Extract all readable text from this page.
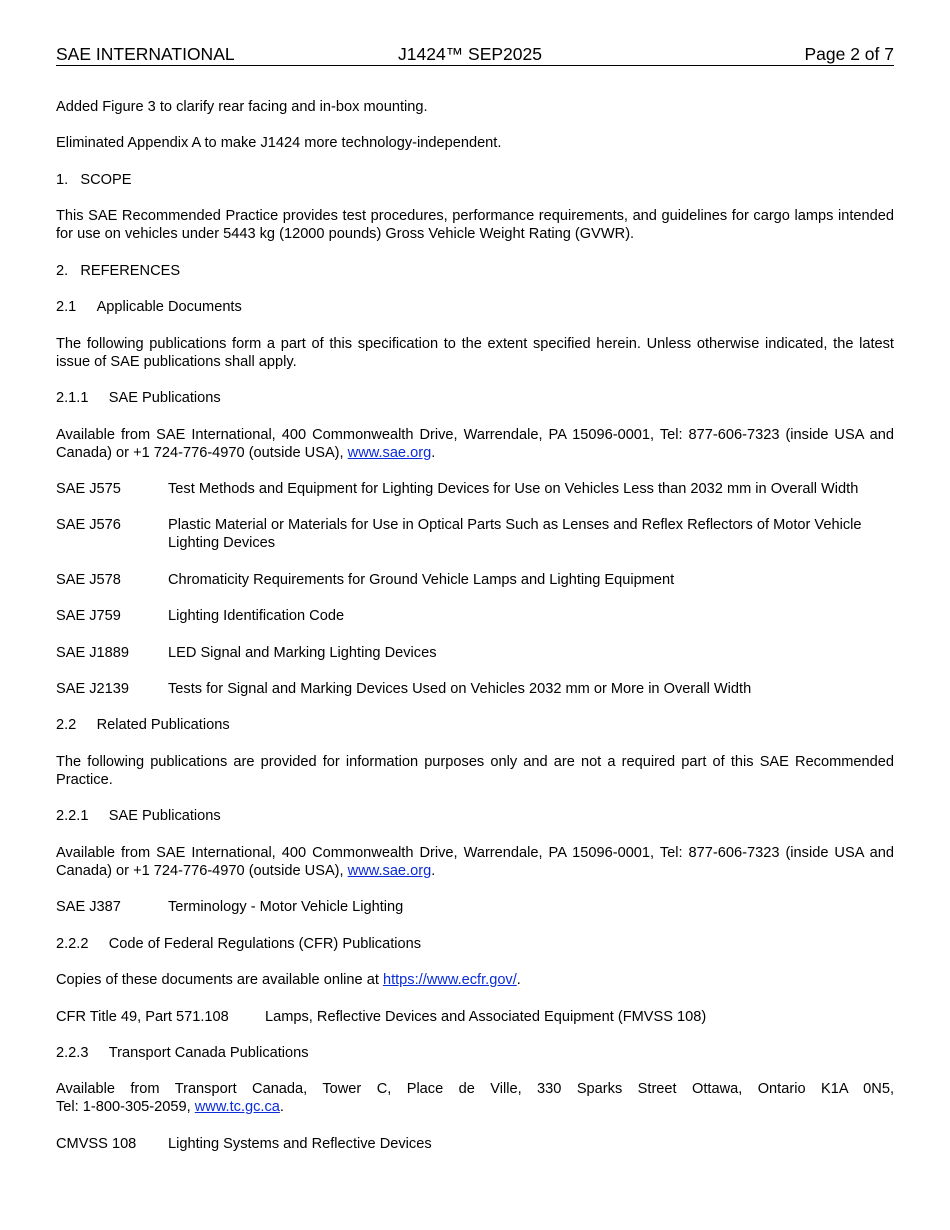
SAE INTERNATIONAL	J1424™ SEP2025	Page 2 of 7
Added Figure 3 to clarify rear facing and in-box mounting.
Eliminated Appendix A to make J1424 more technology-independent.
1. SCOPE
This SAE Recommended Practice provides test procedures, performance requirements, and guidelines for cargo lamps intended for use on vehicles under 5443 kg (12000 pounds) Gross Vehicle Weight Rating (GVWR).
2. REFERENCES
2.1 Applicable Documents
The following publications form a part of this specification to the extent specified herein. Unless otherwise indicated, the latest issue of SAE publications shall apply.
2.1.1 SAE Publications
Available from SAE International, 400 Commonwealth Drive, Warrendale, PA 15096-0001, Tel: 877-606-7323 (inside USA and Canada) or +1 724-776-4970 (outside USA), www.sae.org.
SAE J575	Test Methods and Equipment for Lighting Devices for Use on Vehicles Less than 2032 mm in Overall Width
SAE J576	Plastic Material or Materials for Use in Optical Parts Such as Lenses and Reflex Reflectors of Motor Vehicle Lighting Devices
SAE J578	Chromaticity Requirements for Ground Vehicle Lamps and Lighting Equipment
SAE J759	Lighting Identification Code
SAE J1889	LED Signal and Marking Lighting Devices
SAE J2139	Tests for Signal and Marking Devices Used on Vehicles 2032 mm or More in Overall Width
2.2 Related Publications
The following publications are provided for information purposes only and are not a required part of this SAE Recommended Practice.
2.2.1 SAE Publications
Available from SAE International, 400 Commonwealth Drive, Warrendale, PA 15096-0001, Tel: 877-606-7323 (inside USA and Canada) or +1 724-776-4970 (outside USA), www.sae.org.
SAE J387	Terminology - Motor Vehicle Lighting
2.2.2 Code of Federal Regulations (CFR) Publications
Copies of these documents are available online at https://www.ecfr.gov/.
CFR Title 49, Part 571.108 Lamps, Reflective Devices and Associated Equipment (FMVSS 108)
2.2.3 Transport Canada Publications
Available from Transport Canada, Tower C, Place de Ville, 330 Sparks Street Ottawa, Ontario K1A 0N5,
Tel: 1-800-305-2059, www.tc.gc.ca.
CMVSS 108 Lighting Systems and Reflective Devices
